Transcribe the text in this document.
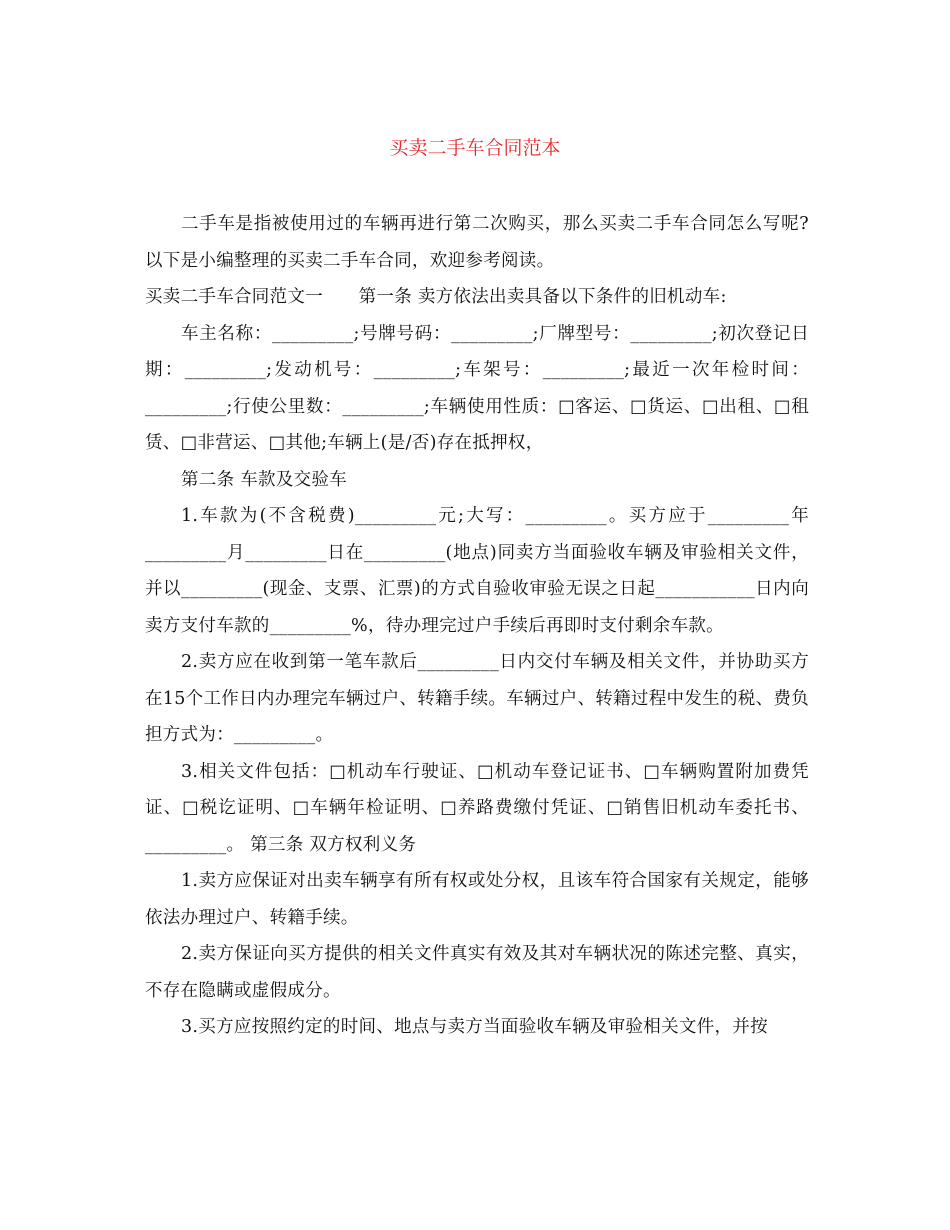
买卖二手车合同范本

二手车是指被使用过的车辆再进行第二次购买，那么买卖二手车合同怎么写呢?以下是小编整理的买卖二手车合同，欢迎参考阅读。

买卖二手车合同范文一　　第一条 卖方依法出卖具备以下条件的旧机动车:

车主名称：_________;号牌号码：_________;厂牌型号：_________;初次登记日期：_________;发动机号：_________;车架号：_________;最近一次年检时间：_________;行使公里数：_________;车辆使用性质：□客运、□货运、□出租、□租赁、□非营运、□其他;车辆上(是/否)存在抵押权，

第二条 车款及交验车

1.车款为(不含税费)_________元;大写：_________。买方应于_________年_________月_________日在_________(地点)同卖方当面验收车辆及审验相关文件，并以_________(现金、支票、汇票)的方式自验收审验无误之日起___________日内向卖方支付车款的_________%，待办理完过户手续后再即时支付剩余车款。

2.卖方应在收到第一笔车款后_________日内交付车辆及相关文件，并协助买方在15个工作日内办理完车辆过户、转籍手续。车辆过户、转籍过程中发生的税、费负担方式为：_________。

3.相关文件包括：□机动车行驶证、□机动车登记证书、□车辆购置附加费凭证、□税讫证明、□车辆年检证明、□养路费缴付凭证、□销售旧机动车委托书、_________。 第三条 双方权利义务

1.卖方应保证对出卖车辆享有所有权或处分权，且该车符合国家有关规定，能够依法办理过户、转籍手续。

2.卖方保证向买方提供的相关文件真实有效及其对车辆状况的陈述完整、真实，不存在隐瞒或虚假成分。

3.买方应按照约定的时间、地点与卖方当面验收车辆及审验相关文件，并按
